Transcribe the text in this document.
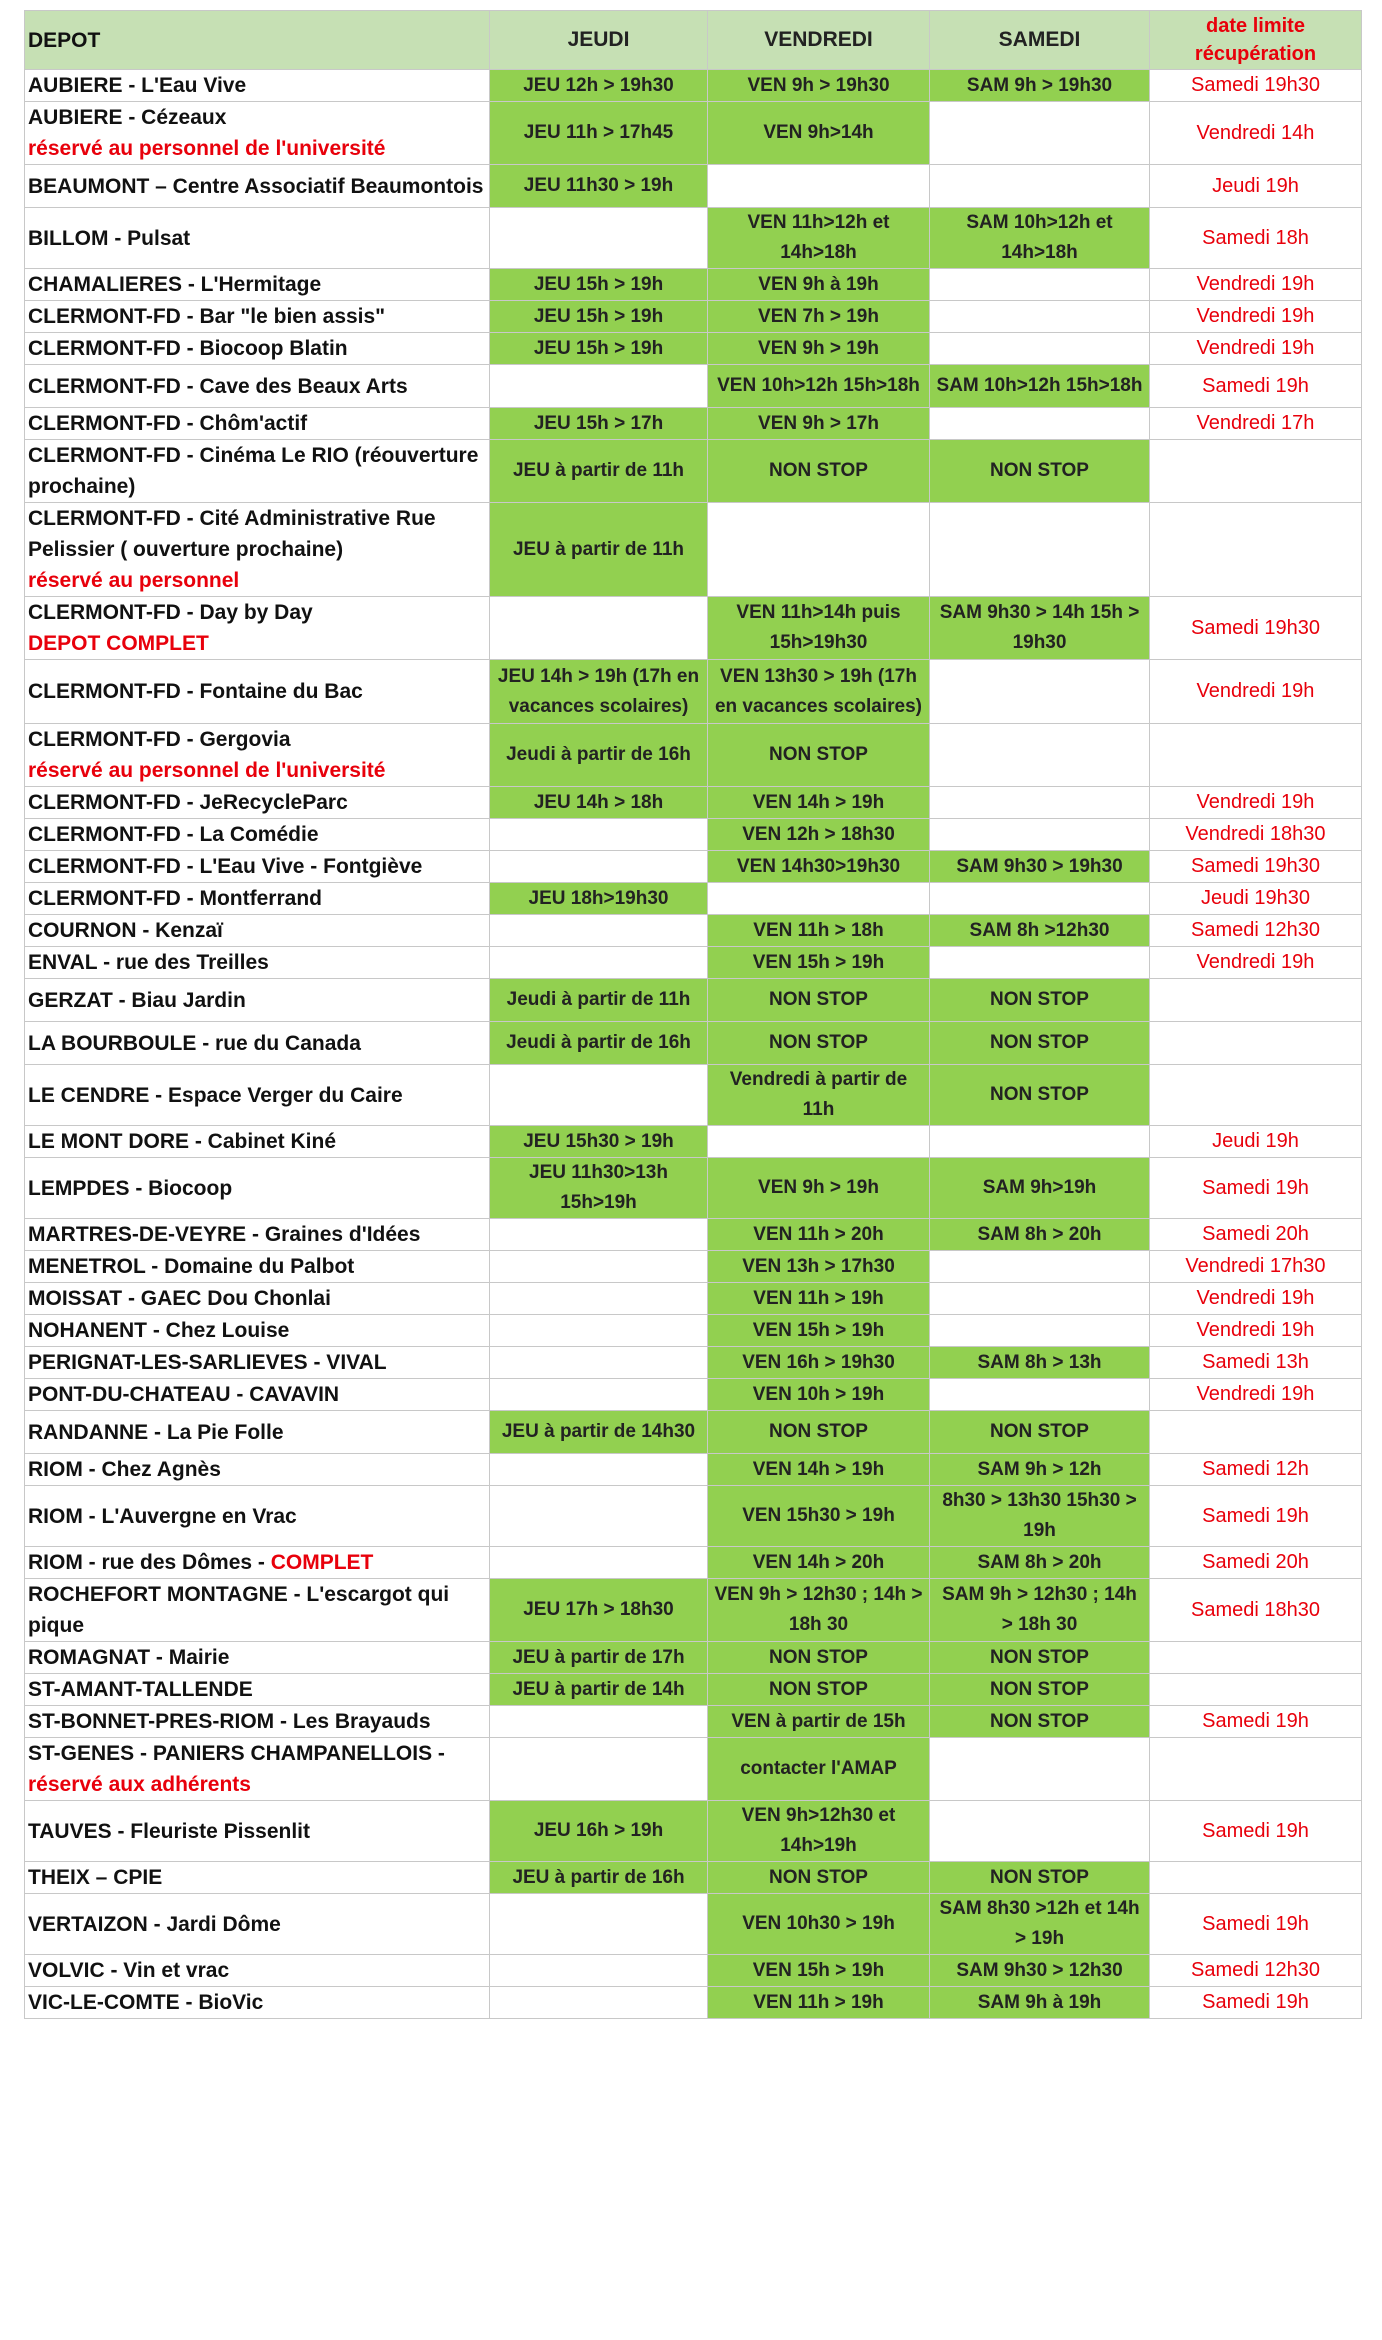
DEPOT	JEUDI	VENDREDI	SAMEDI	date limite
récupération

AUBIERE - L'Eau Vive	JEU 12h > 19h30	VEN 9h > 19h30	SAM 9h > 19h30	Samedi 19h30
AUBIERE - Cézeaux
réservé au personnel de l'université	JEU 11h > 17h45	VEN 9h>14h		Vendredi 14h
BEAUMONT – Centre Associatif Beaumontois	JEU 11h30 > 19h			Jeudi 19h
BILLOM - Pulsat		VEN 11h>12h et 14h>18h	SAM 10h>12h et 14h>18h	Samedi 18h
CHAMALIERES - L'Hermitage	JEU 15h > 19h	VEN 9h à 19h		Vendredi 19h
CLERMONT-FD - Bar "le bien assis"	JEU 15h > 19h	VEN 7h > 19h		Vendredi 19h
CLERMONT-FD - Biocoop Blatin	JEU 15h > 19h	VEN 9h > 19h		Vendredi 19h
CLERMONT-FD - Cave des Beaux Arts		VEN 10h>12h 15h>18h	SAM 10h>12h 15h>18h	Samedi 19h
CLERMONT-FD - Chôm'actif	JEU 15h > 17h	VEN 9h > 17h		Vendredi 17h
CLERMONT-FD - Cinéma Le RIO (réouverture prochaine)	JEU à partir de 11h	NON STOP	NON STOP	
CLERMONT-FD - Cité Administrative Rue Pelissier ( ouverture prochaine)
réservé au personnel	JEU à partir de 11h			
CLERMONT-FD - Day by Day
DEPOT COMPLET		VEN 11h>14h puis 15h>19h30	SAM 9h30 > 14h 15h > 19h30	Samedi 19h30
CLERMONT-FD - Fontaine du Bac	JEU 14h > 19h (17h en vacances scolaires)	VEN 13h30 > 19h (17h en vacances scolaires)		Vendredi 19h
CLERMONT-FD - Gergovia
réservé au personnel de l'université	Jeudi à partir de 16h	NON STOP		
CLERMONT-FD - JeRecycleParc	JEU 14h > 18h	VEN 14h > 19h		Vendredi 19h
CLERMONT-FD - La Comédie		VEN 12h > 18h30		Vendredi 18h30
CLERMONT-FD - L'Eau Vive - Fontgiève		VEN 14h30>19h30	SAM 9h30 > 19h30	Samedi 19h30
CLERMONT-FD - Montferrand	JEU 18h>19h30			Jeudi 19h30
COURNON - Kenzaï		VEN 11h > 18h	SAM 8h >12h30	Samedi 12h30
ENVAL - rue des Treilles		VEN 15h > 19h		Vendredi 19h
GERZAT - Biau Jardin	Jeudi à partir de 11h	NON STOP	NON STOP	
LA BOURBOULE - rue du Canada	Jeudi à partir de 16h	NON STOP	NON STOP	
LE CENDRE - Espace Verger du Caire		Vendredi à partir de 11h	NON STOP	
LE MONT DORE - Cabinet Kiné	JEU 15h30 > 19h			Jeudi 19h
LEMPDES - Biocoop	JEU 11h30>13h 15h>19h	VEN 9h > 19h	SAM 9h>19h	Samedi 19h
MARTRES-DE-VEYRE - Graines d'Idées		VEN 11h > 20h	SAM 8h > 20h	Samedi 20h
MENETROL - Domaine du Palbot		VEN 13h > 17h30		Vendredi 17h30
MOISSAT - GAEC Dou Chonlai		VEN 11h > 19h		Vendredi 19h
NOHANENT - Chez Louise		VEN 15h > 19h		Vendredi 19h
PERIGNAT-LES-SARLIEVES - VIVAL		VEN 16h > 19h30	SAM 8h > 13h	Samedi 13h
PONT-DU-CHATEAU - CAVAVIN		VEN 10h > 19h		Vendredi 19h
RANDANNE - La Pie Folle	JEU à partir de 14h30	NON STOP	NON STOP	
RIOM - Chez Agnès		VEN 14h > 19h	SAM 9h > 12h	Samedi 12h
RIOM - L'Auvergne en Vrac		VEN 15h30 > 19h	8h30 > 13h30 15h30 > 19h	Samedi 19h
RIOM - rue des Dômes - COMPLET		VEN 14h > 20h	SAM 8h > 20h	Samedi 20h
ROCHEFORT MONTAGNE - L'escargot qui pique	JEU 17h > 18h30	VEN 9h > 12h30 ; 14h > 18h 30	SAM 9h > 12h30 ; 14h > 18h 30	Samedi 18h30
ROMAGNAT - Mairie	JEU à partir de 17h	NON STOP	NON STOP	
ST-AMANT-TALLENDE	JEU à partir de 14h	NON STOP	NON STOP	
ST-BONNET-PRES-RIOM - Les Brayauds		VEN à partir de 15h	NON STOP	Samedi 19h
ST-GENES - PANIERS CHAMPANELLOIS -
réservé aux adhérents		contacter l'AMAP		
TAUVES - Fleuriste Pissenlit	JEU 16h > 19h	VEN 9h>12h30 et 14h>19h		Samedi 19h
THEIX – CPIE	JEU à partir de 16h	NON STOP	NON STOP	
VERTAIZON - Jardi Dôme		VEN 10h30 > 19h	SAM 8h30 >12h et 14h > 19h	Samedi 19h
VOLVIC - Vin et vrac		VEN 15h > 19h	SAM 9h30 > 12h30	Samedi 12h30
VIC-LE-COMTE - BioVic		VEN 11h > 19h	SAM 9h à 19h	Samedi 19h
